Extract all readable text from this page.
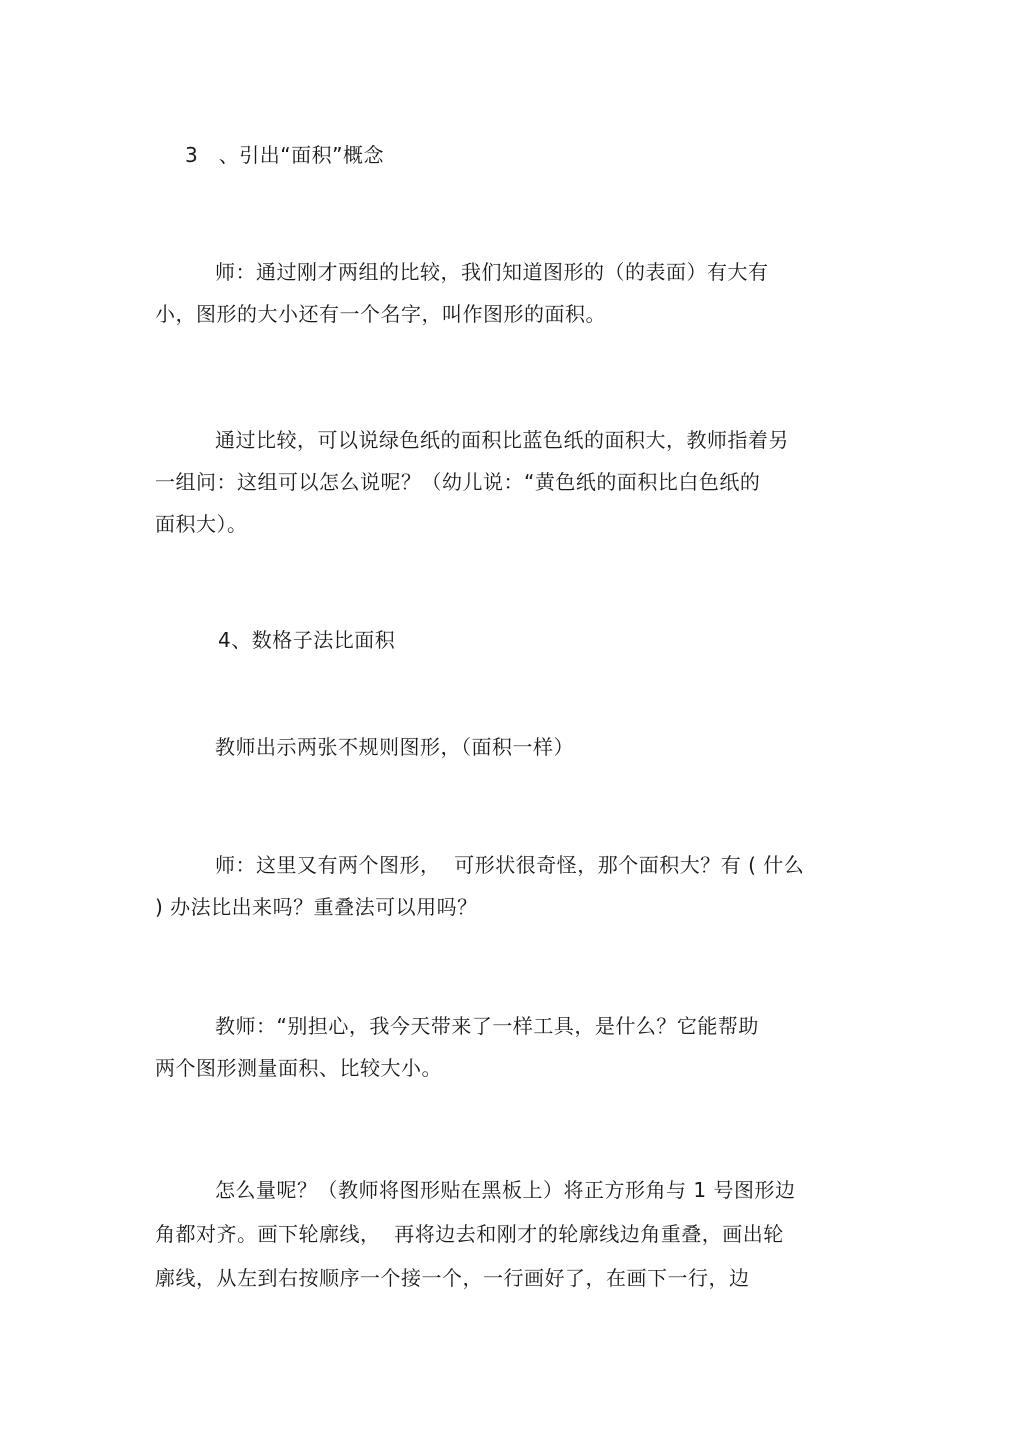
3　、引出“面积”概念

师：通过刚才两组的比较，我们知道图形的（的表面）有大有

小，图形的大小还有一个名字，叫作图形的面积。

通过比较，可以说绿色纸的面积比蓝色纸的面积大，教师指着另

一组问：这组可以怎么说呢？（幼儿说：“黄色纸的面积比白色纸的

面积大）。

4、数格子法比面积

教师出示两张不规则图形，（面积一样）

师：这里又有两个图形，  可形状很奇怪，那个面积大？有 ( 什么

) 办法比出来吗？重叠法可以用吗？

教师：“别担心，我今天带来了一样工具，是什么？它能帮助

两个图形测量面积、比较大小。

怎么量呢？（教师将图形贴在黑板上）将正方形角与 1 号图形边

角都对齐。画下轮廓线，  再将边去和刚才的轮廓线边角重叠，画出轮

廓线，从左到右按顺序一个接一个，一行画好了，在画下一行，边
